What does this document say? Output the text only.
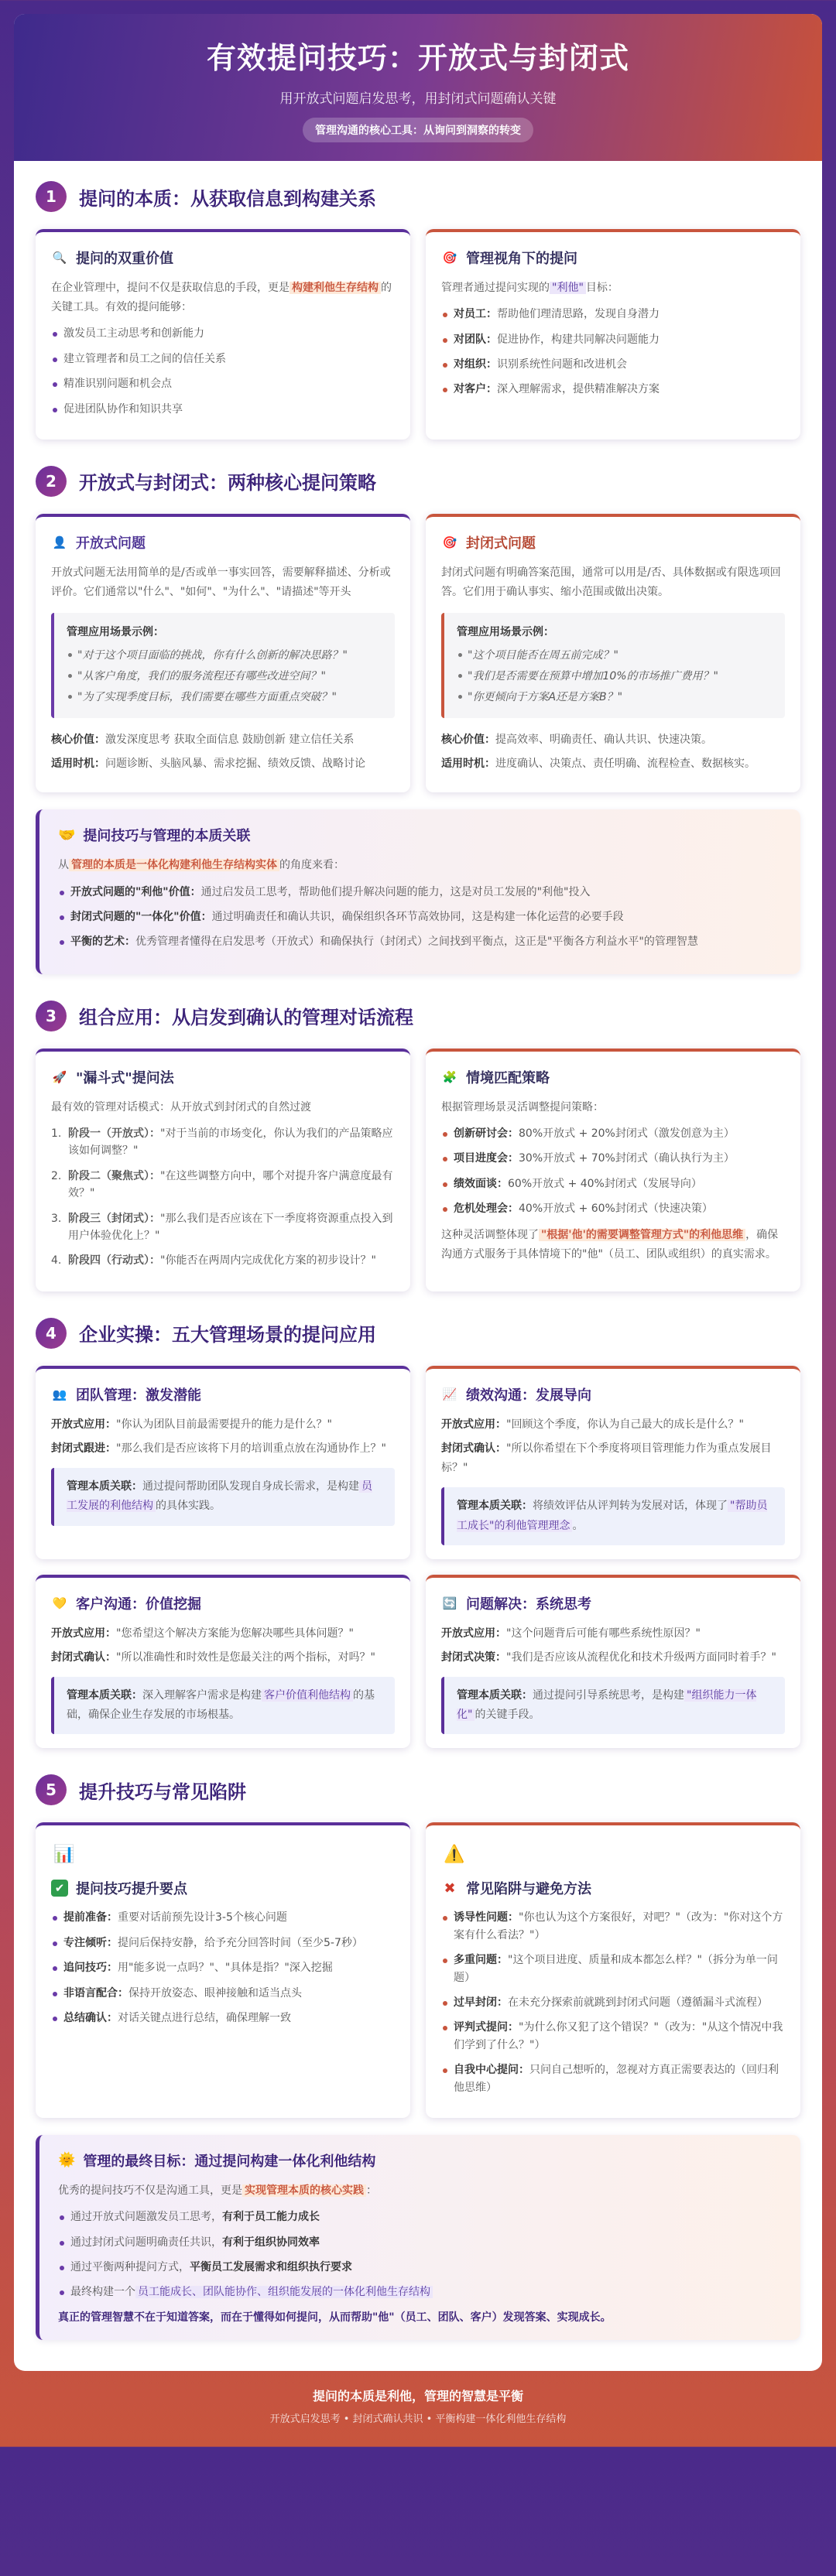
有效提问技巧：开放式与封闭式
用开放式问题启发思考，用封闭式问题确认关键
管理沟通的核心工具：从询问到洞察的转变
1	提问的本质：从获取信息到构建关系
🔍 提问的双重价值

在企业管理中，提问不仅是获取信息的手段，更是 构建利他生存结构 的关键工具。有效的提问能够：

激发员工主动思考和创新能力
建立管理者和员工之间的信任关系
精准识别问题和机会点
促进团队协作和知识共享
🎯 管理视角下的提问

管理者通过提问实现的 "利他" 目标：

对员工：帮助他们理清思路，发现自身潜力
对团队：促进协作，构建共同解决问题能力
对组织：识别系统性问题和改进机会
对客户：深入理解需求，提供精准解决方案
2	开放式与封闭式：两种核心提问策略
👤 开放式问题

开放式问题无法用简单的是/否或单一事实回答，需要解释描述、分析或评价。它们通常以"什么"、"如何"、"为什么"、"请描述"等开头

管理应用场景示例：
"对于这个项目面临的挑战，你有什么创新的解决思路？"
"从客户角度，我们的服务流程还有哪些改进空间？"
"为了实现季度目标，我们需要在哪些方面重点突破？"
核心价值：激发深度思考 获取全面信息 鼓励创新 建立信任关系
适用时机：问题诊断、头脑风暴、需求挖掘、绩效反馈、战略讨论
🎯 封闭式问题

封闭式问题有明确答案范围，通常可以用是/否、具体数据或有限选项回答。它们用于确认事实、缩小范围或做出决策。

管理应用场景示例：
"这个项目能否在周五前完成？"
"我们是否需要在预算中增加10%的市场推广费用？"
"你更倾向于方案A还是方案B？"
核心价值：提高效率、明确责任、确认共识、快速决策。
适用时机：进度确认、决策点、责任明确、流程检查、数据核实。
🤝 提问技巧与管理的本质关联

从 管理的本质是一体化构建利他生存结构实体 的角度来看：

开放式问题的"利他"价值：通过启发员工思考，帮助他们提升解决问题的能力，这是对员工发展的"利他"投入
封闭式问题的"一体化"价值：通过明确责任和确认共识，确保组织各环节高效协同，这是构建一体化运营的必要手段
平衡的艺术：优秀管理者懂得在启发思考（开放式）和确保执行（封闭式）之间找到平衡点，这正是"平衡各方利益水平"的管理智慧
3	组合应用：从启发到确认的管理对话流程
🚀 "漏斗式"提问法

最有效的管理对话模式：从开放式到封闭式的自然过渡

1. 阶段一（开放式）："对于当前的市场变化，你认为我们的产品策略应该如何调整？"
2. 阶段二（聚焦式）："在这些调整方向中，哪个对提升客户满意度最有效？"
3. 阶段三（封闭式）："那么我们是否应该在下一季度将资源重点投入到用户体验优化上？"
4. 阶段四（行动式）："你能否在两周内完成优化方案的初步设计？"
🧩 情境匹配策略

根据管理场景灵活调整提问策略：

创新研讨会：80%开放式 + 20%封闭式（激发创意为主）
项目进度会：30%开放式 + 70%封闭式（确认执行为主）
绩效面谈：60%开放式 + 40%封闭式（发展导向）
危机处理会：40%开放式 + 60%封闭式（快速决策）

这种灵活调整体现了 "根据'他'的需要调整管理方式"的利他思维 ，确保沟通方式服务于具体情境下的"他"（员工、团队或组织）的真实需求。

4	企业实操：五大管理场景的提问应用
👥 团队管理：激发潜能
开放式应用："你认为团队目前最需要提升的能力是什么？"
封闭式跟进："那么我们是否应该将下月的培训重点放在沟通协作上？"
管理本质关联：通过提问帮助团队发现自身成长需求，是构建 员工发展的利他结构 的具体实践。
📈 绩效沟通：发展导向
开放式应用："回顾这个季度，你认为自己最大的成长是什么？"
封闭式确认："所以你希望在下个季度将项目管理能力作为重点发展目标？"
管理本质关联：将绩效评估从评判转为发展对话，体现了 "帮助员工成长"的利他管理理念 。
💛 客户沟通：价值挖掘
开放式应用："您希望这个解决方案能为您解决哪些具体问题？"
封闭式确认："所以准确性和时效性是您最关注的两个指标，对吗？"
管理本质关联：深入理解客户需求是构建 客户价值利他结构 的基础，确保企业生存发展的市场根基。
🔄 问题解决：系统思考
开放式应用："这个问题背后可能有哪些系统性原因？"
封闭式决策："我们是否应该从流程优化和技术升级两方面同时着手？"
管理本质关联：通过提问引导系统思考，是构建 "组织能力一体化" 的关键手段。
5	提升技巧与常见陷阱
📊
✔ 提问技巧提升要点
提前准备：重要对话前预先设计3-5个核心问题
专注倾听：提问后保持安静，给予充分回答时间（至少5-7秒）
追问技巧：用"能多说一点吗？"、"具体是指？"深入挖掘
非语言配合：保持开放姿态、眼神接触和适当点头
总结确认：对话关键点进行总结，确保理解一致
⚠️
✖ 常见陷阱与避免方法
诱导性问题："你也认为这个方案很好，对吧？"（改为："你对这个方案有什么看法？"）
多重问题："这个项目进度、质量和成本都怎么样？"（拆分为单一问题）
过早封闭：在未充分探索前就跳到封闭式问题（遵循漏斗式流程）
评判式提问："为什么你又犯了这个错误？"（改为："从这个情况中我们学到了什么？"）
自我中心提问：只问自己想听的，忽视对方真正需要表达的（回归利他思维）
🌞 管理的最终目标：通过提问构建一体化利他结构

优秀的提问技巧不仅是沟通工具，更是 实现管理本质的核心实践 ：

通过开放式问题激发员工思考，有利于员工能力成长
通过封闭式问题明确责任共识，有利于组织协同效率
通过平衡两种提问方式，平衡员工发展需求和组织执行要求
最终构建一个 员工能成长、团队能协作、组织能发展的一体化利他生存结构
真正的管理智慧不在于知道答案，而在于懂得如何提问，从而帮助"他"（员工、团队、客户）发现答案、实现成长。
提问的本质是利他，管理的智慧是平衡
开放式启发思考 • 封闭式确认共识 • 平衡构建一体化利他生存结构
